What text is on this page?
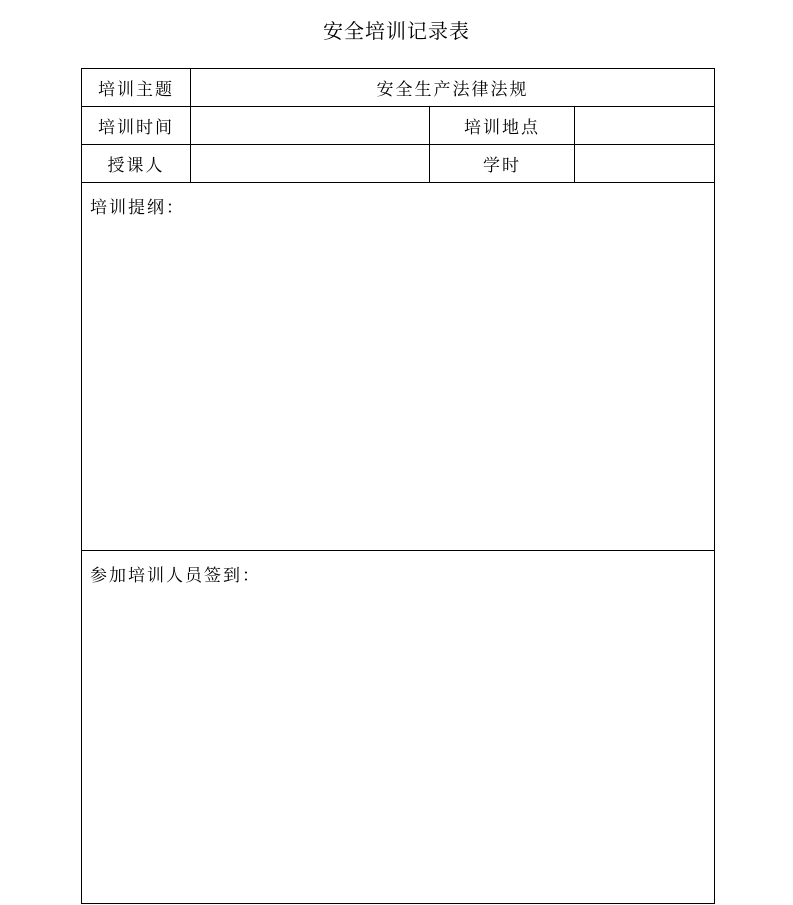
安全培训记录表
培训主题	安全生产法律法规		
培训时间		培训地点	
授课人		学时	
培训提纲：			
参加培训人员签到：			
